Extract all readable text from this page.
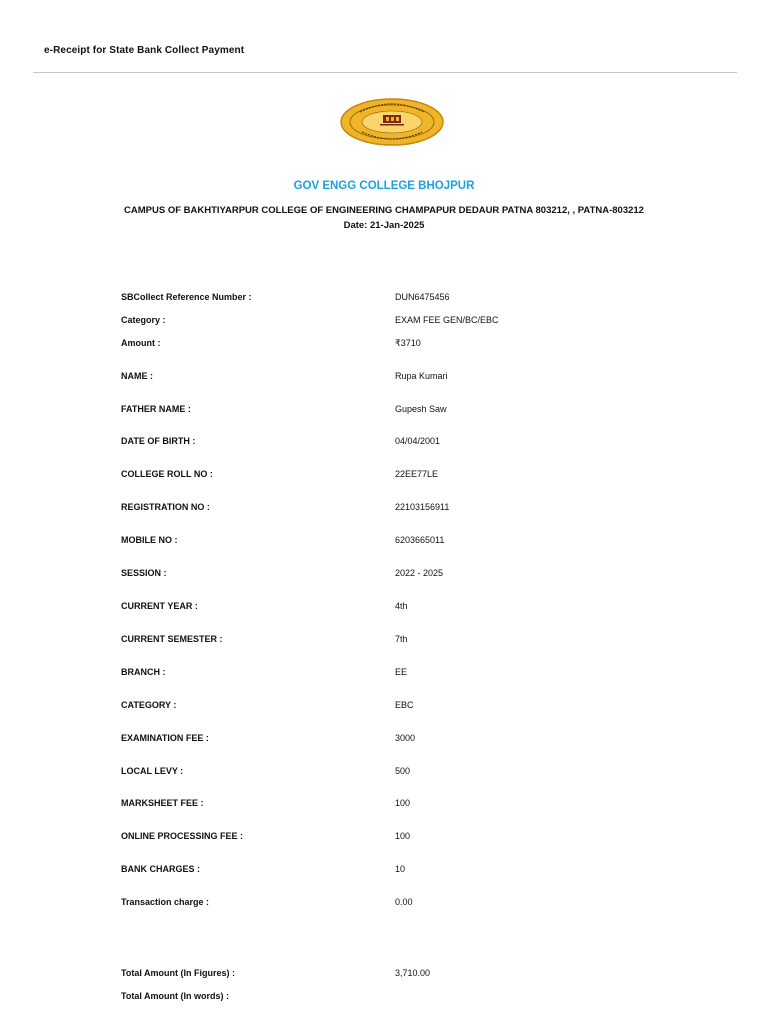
e-Receipt for State Bank Collect Payment
GOV ENGG COLLEGE BHOJPUR
CAMPUS OF BAKHTIYARPUR COLLEGE OF ENGINEERING CHAMPAPUR DEDAUR PATNA 803212, , PATNA-803212
Date: 21-Jan-2025
SBCollect Reference Number :	DUN6475456
Category :	EXAM FEE GEN/BC/EBC
Amount :	₹3710
NAME :	Rupa Kumari
FATHER NAME :	Gupesh Saw
DATE OF BIRTH :	04/04/2001
COLLEGE ROLL NO :	22EE77LE
REGISTRATION NO :	22103156911
MOBILE NO :	6203665011
SESSION :	2022 - 2025
CURRENT YEAR :	4th
CURRENT SEMESTER :	7th
BRANCH :	EE
CATEGORY :	EBC
EXAMINATION FEE :	3000
LOCAL LEVY :	500
MARKSHEET FEE :	100
ONLINE PROCESSING FEE :	100
BANK CHARGES :	10
Transaction charge :	0.00
Total Amount (In Figures) :	3,710.00
Total Amount (In words) :
